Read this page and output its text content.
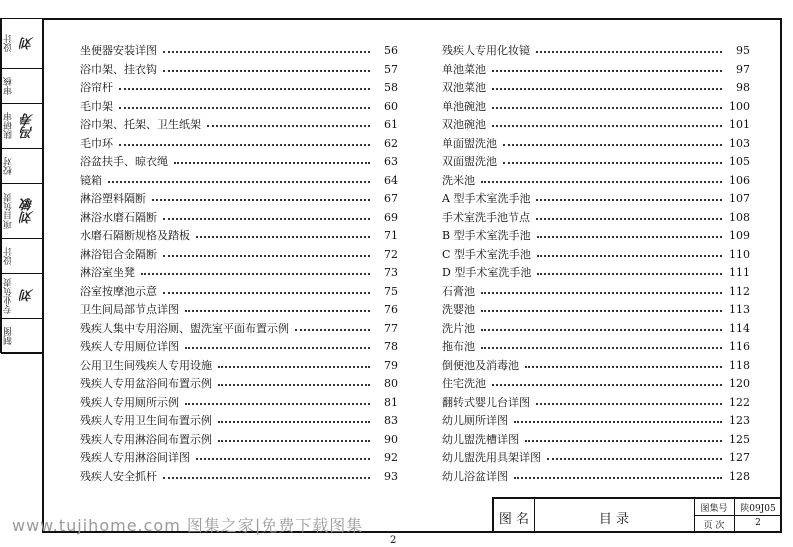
设计 刘
审核
陕研审 冯寿
校对
项目负责 刘敏
设计
专业负责 刘
制图
坐便器安装详图	56
浴巾架、挂衣钩	57
浴帘杆	58
毛巾架	60
浴巾架、托架、卫生纸架	61
毛巾环	62
浴盆扶手、晾衣绳	63
镜箱	64
淋浴塑料隔断	67
淋浴水磨石隔断	69
水磨石隔断规格及踏板	71
淋浴铝合金隔断	72
淋浴室坐凳	73
浴室按摩池示意	75
卫生间局部节点详图	76
残疾人集中专用浴厕、盥洗室平面布置示例	77
残疾人专用厕位详图	78
公用卫生间残疾人专用设施	79
残疾人专用盆浴间布置示例	80
残疾人专用厕所示例	81
残疾人专用卫生间布置示例	83
残疾人专用淋浴间布置示例	90
残疾人专用淋浴间详图	92
残疾人安全抓杆	93
残疾人专用化妆镜	95
单池菜池	97
双池菜池	98
单池碗池	100
双池碗池	101
单面盥洗池	103
双面盥洗池	105
洗米池	106
A 型手术室洗手池	107
手术室洗手池节点	108
B 型手术室洗手池	109
C 型手术室洗手池	110
D 型手术室洗手池	111
石膏池	112
洗婴池	113
洗片池	114
拖布池	116
倒便池及消毒池	118
住宅洗池	120
翻转式婴儿台详图	122
幼儿厕所详图	123
幼儿盥洗槽详图	125
幼儿盥洗用具架详图	127
幼儿浴盆详图	128
图 名	目 录
图集号	陕09J05
页 次	2
www.tujihome.com 图集之家|免费下载图集
2
